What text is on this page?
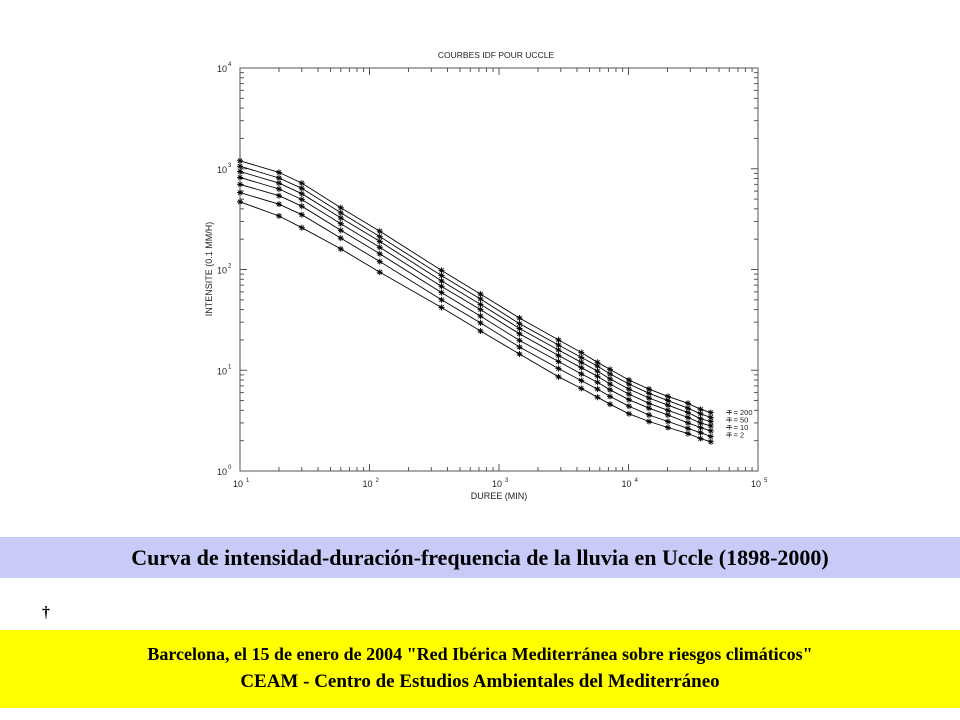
COURBES IDF POUR UCCLE
10 1	10 2	10 3	10 4	10 5
10 0
10 1
10 2
10 3
10 4
T = 200
T = 50
T = 10
T = 2
DUREE (MIN)
INTENSITE (0.1 MM/H)
Curva de intensidad-duración-frequencia de la lluvia en Uccle (1898-2000)
†
Barcelona, el 15 de enero de 2004 "Red Ibérica Mediterránea sobre riesgos climáticos"
CEAM - Centro de Estudios Ambientales del Mediterráneo
